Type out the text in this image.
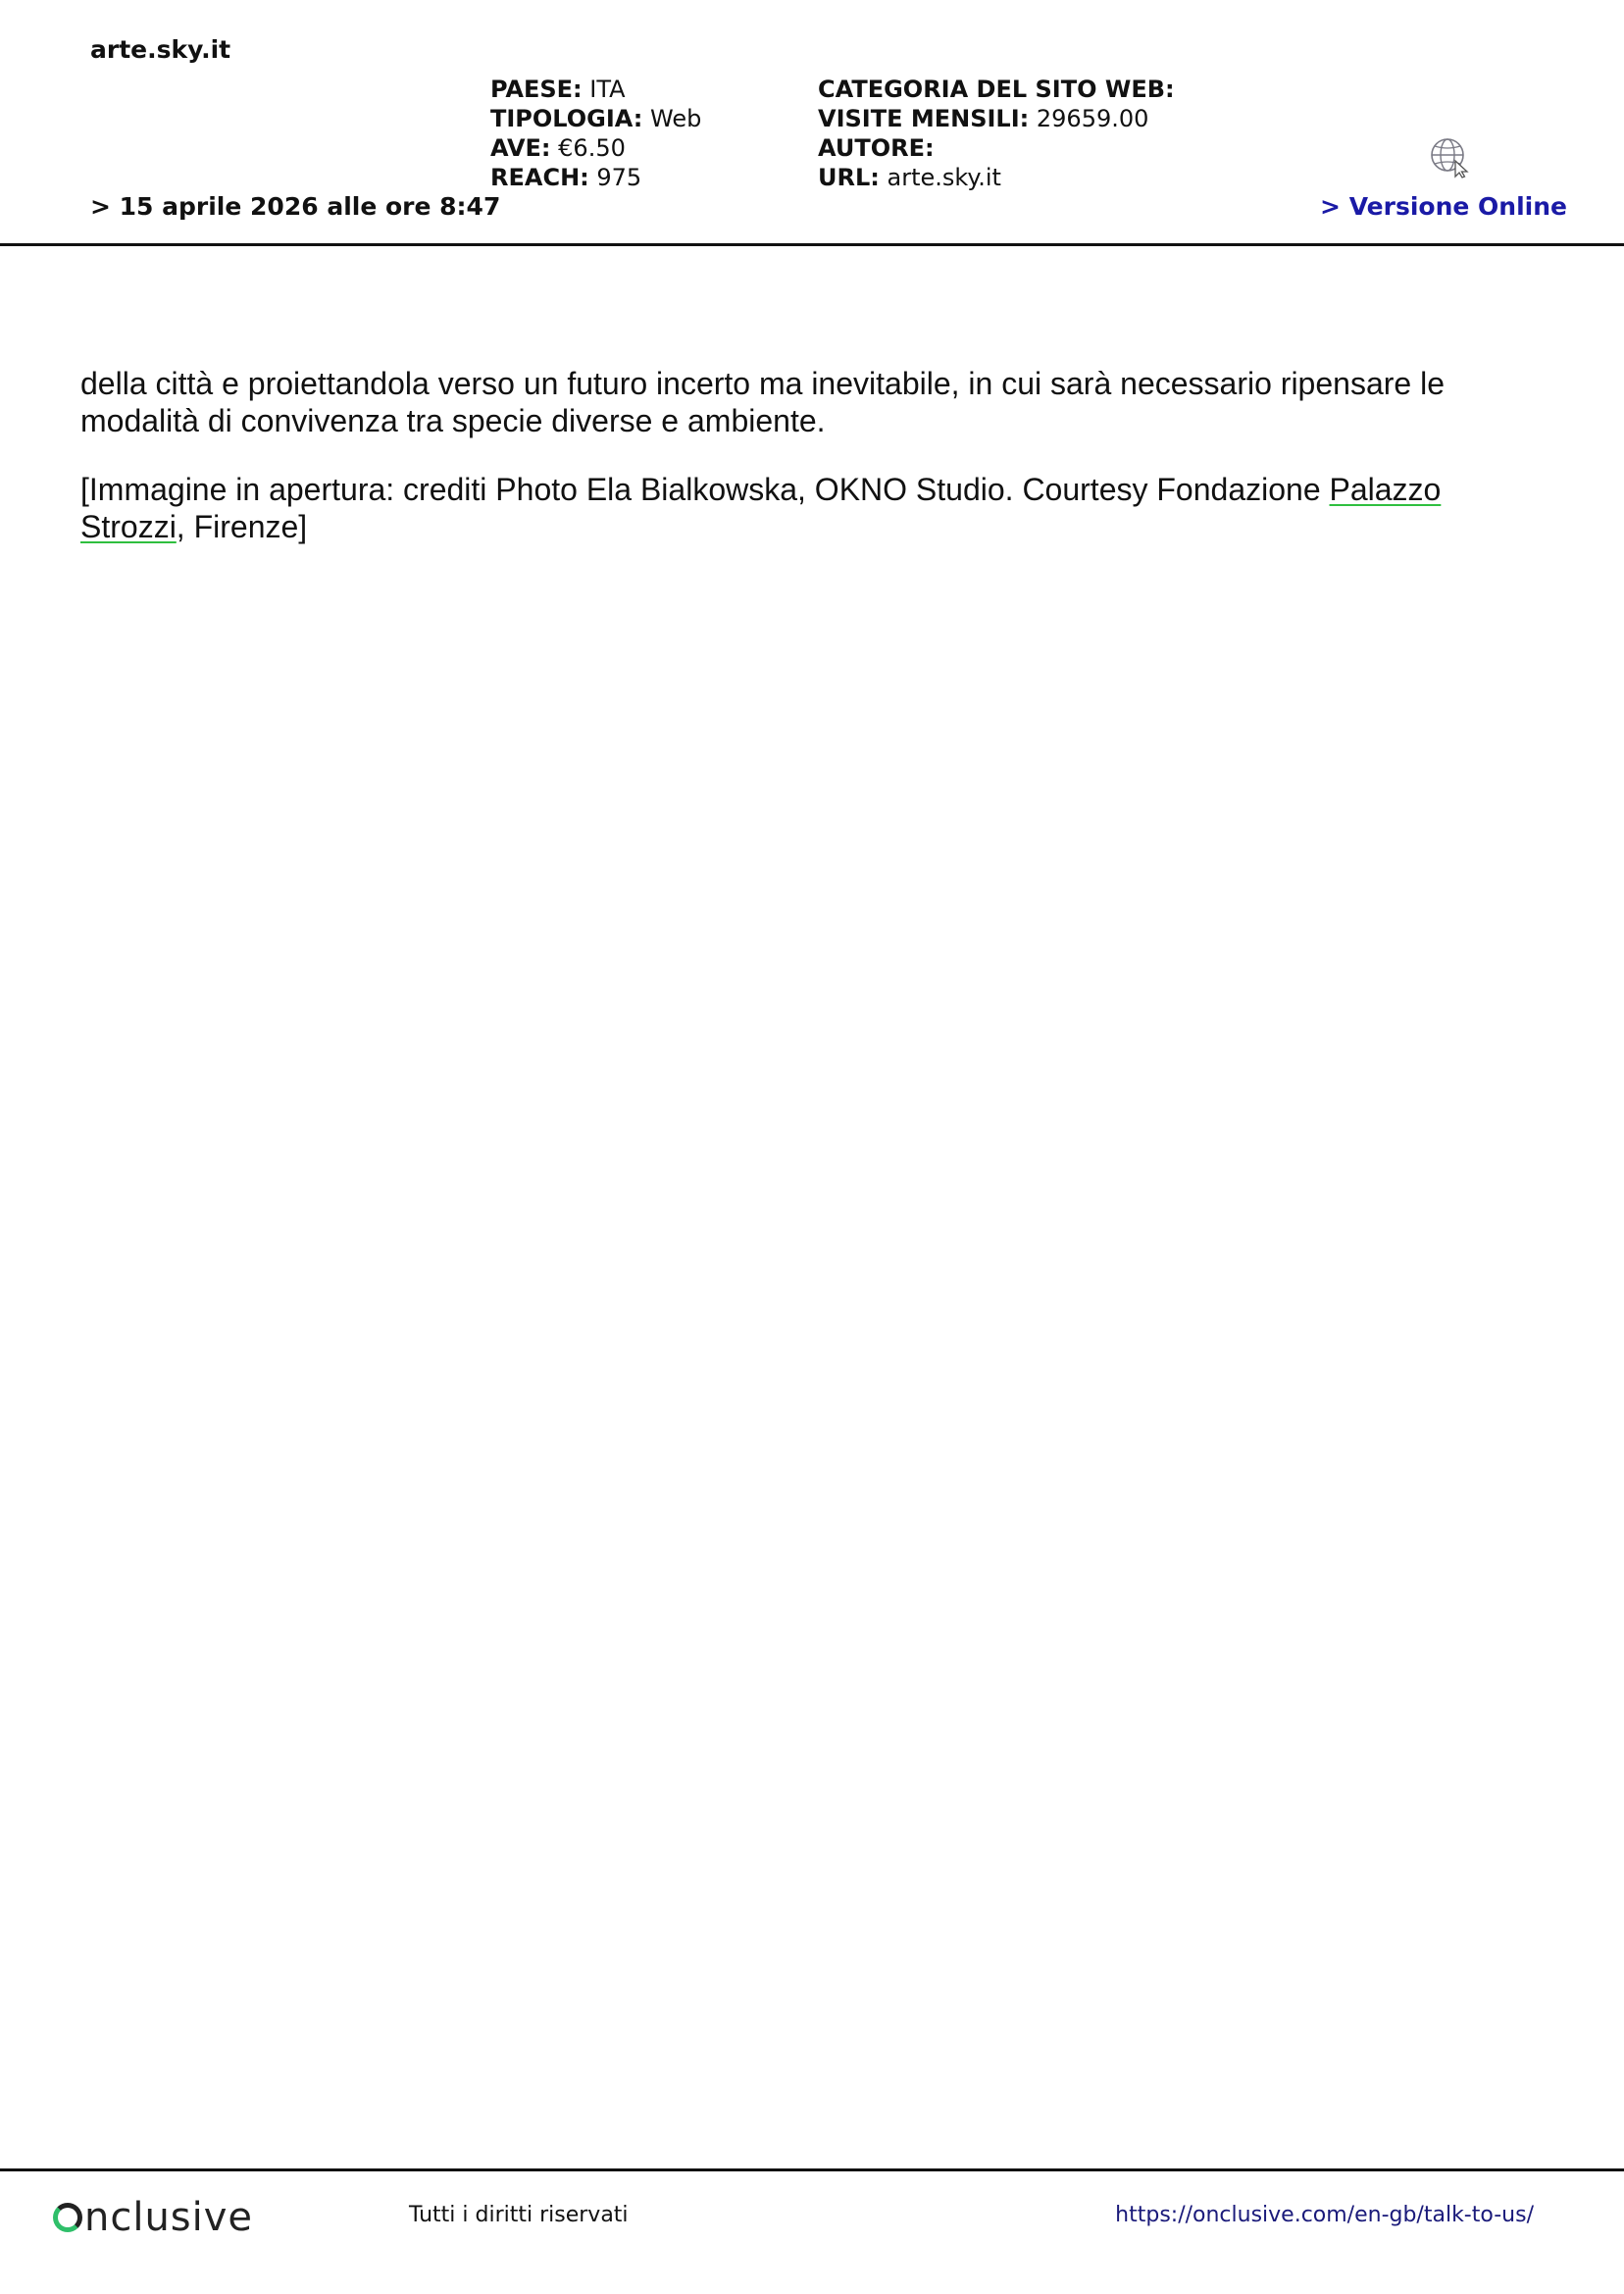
arte.sky.it
PAESE: ITA
TIPOLOGIA: Web
AVE: €6.50
REACH: 975
CATEGORIA DEL SITO WEB:
VISITE MENSILI: 29659.00
AUTORE:
URL: arte.sky.it
> 15 aprile 2026 alle ore 8:47	> Versione Online

della città e proiettandola verso un futuro incerto ma inevitabile, in cui sarà necessario ripensare le modalità di convivenza tra specie diverse e ambiente.

[Immagine in apertura: crediti Photo Ela Bialkowska, OKNO Studio. Courtesy Fondazione Palazzo Strozzi, Firenze]

nclusive	Tutti i diritti riservati	https://onclusive.com/en-gb/talk-to-us/
